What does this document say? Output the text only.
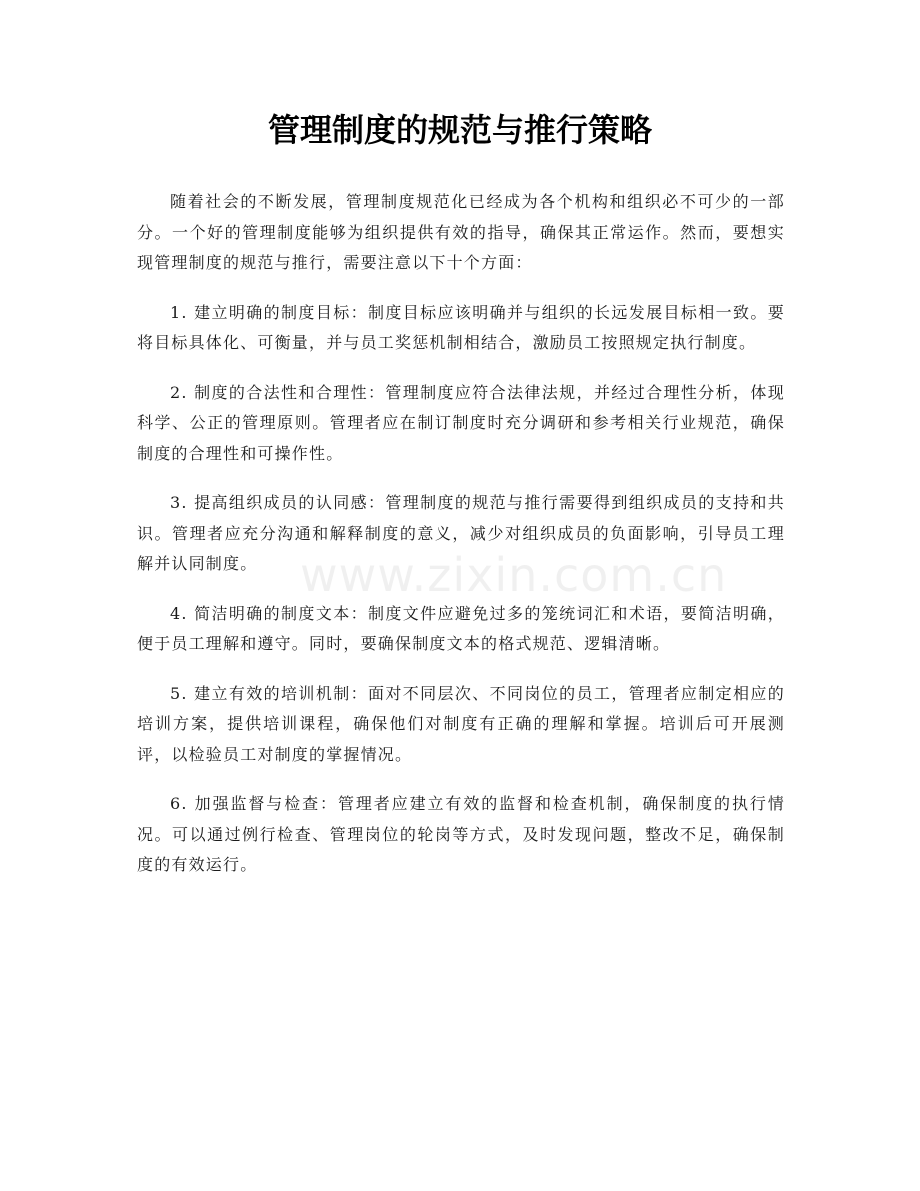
www.zixin.com.cn
管理制度的规范与推行策略

随着社会的不断发展，管理制度规范化已经成为各个机构和组织必不可少的一部分。一个好的管理制度能够为组织提供有效的指导，确保其正常运作。然而，要想实现管理制度的规范与推行，需要注意以下十个方面：

1. 建立明确的制度目标：制度目标应该明确并与组织的长远发展目标相一致。要将目标具体化、可衡量，并与员工奖惩机制相结合，激励员工按照规定执行制度。

2. 制度的合法性和合理性：管理制度应符合法律法规，并经过合理性分析，体现科学、公正的管理原则。管理者应在制订制度时充分调研和参考相关行业规范，确保制度的合理性和可操作性。

3. 提高组织成员的认同感：管理制度的规范与推行需要得到组织成员的支持和共识。管理者应充分沟通和解释制度的意义，减少对组织成员的负面影响，引导员工理解并认同制度。

4. 简洁明确的制度文本：制度文件应避免过多的笼统词汇和术语，要简洁明确，便于员工理解和遵守。同时，要确保制度文本的格式规范、逻辑清晰。

5. 建立有效的培训机制：面对不同层次、不同岗位的员工，管理者应制定相应的培训方案，提供培训课程，确保他们对制度有正确的理解和掌握。培训后可开展测评，以检验员工对制度的掌握情况。

6. 加强监督与检查：管理者应建立有效的监督和检查机制，确保制度的执行情况。可以通过例行检查、管理岗位的轮岗等方式，及时发现问题，整改不足，确保制度的有效运行。
